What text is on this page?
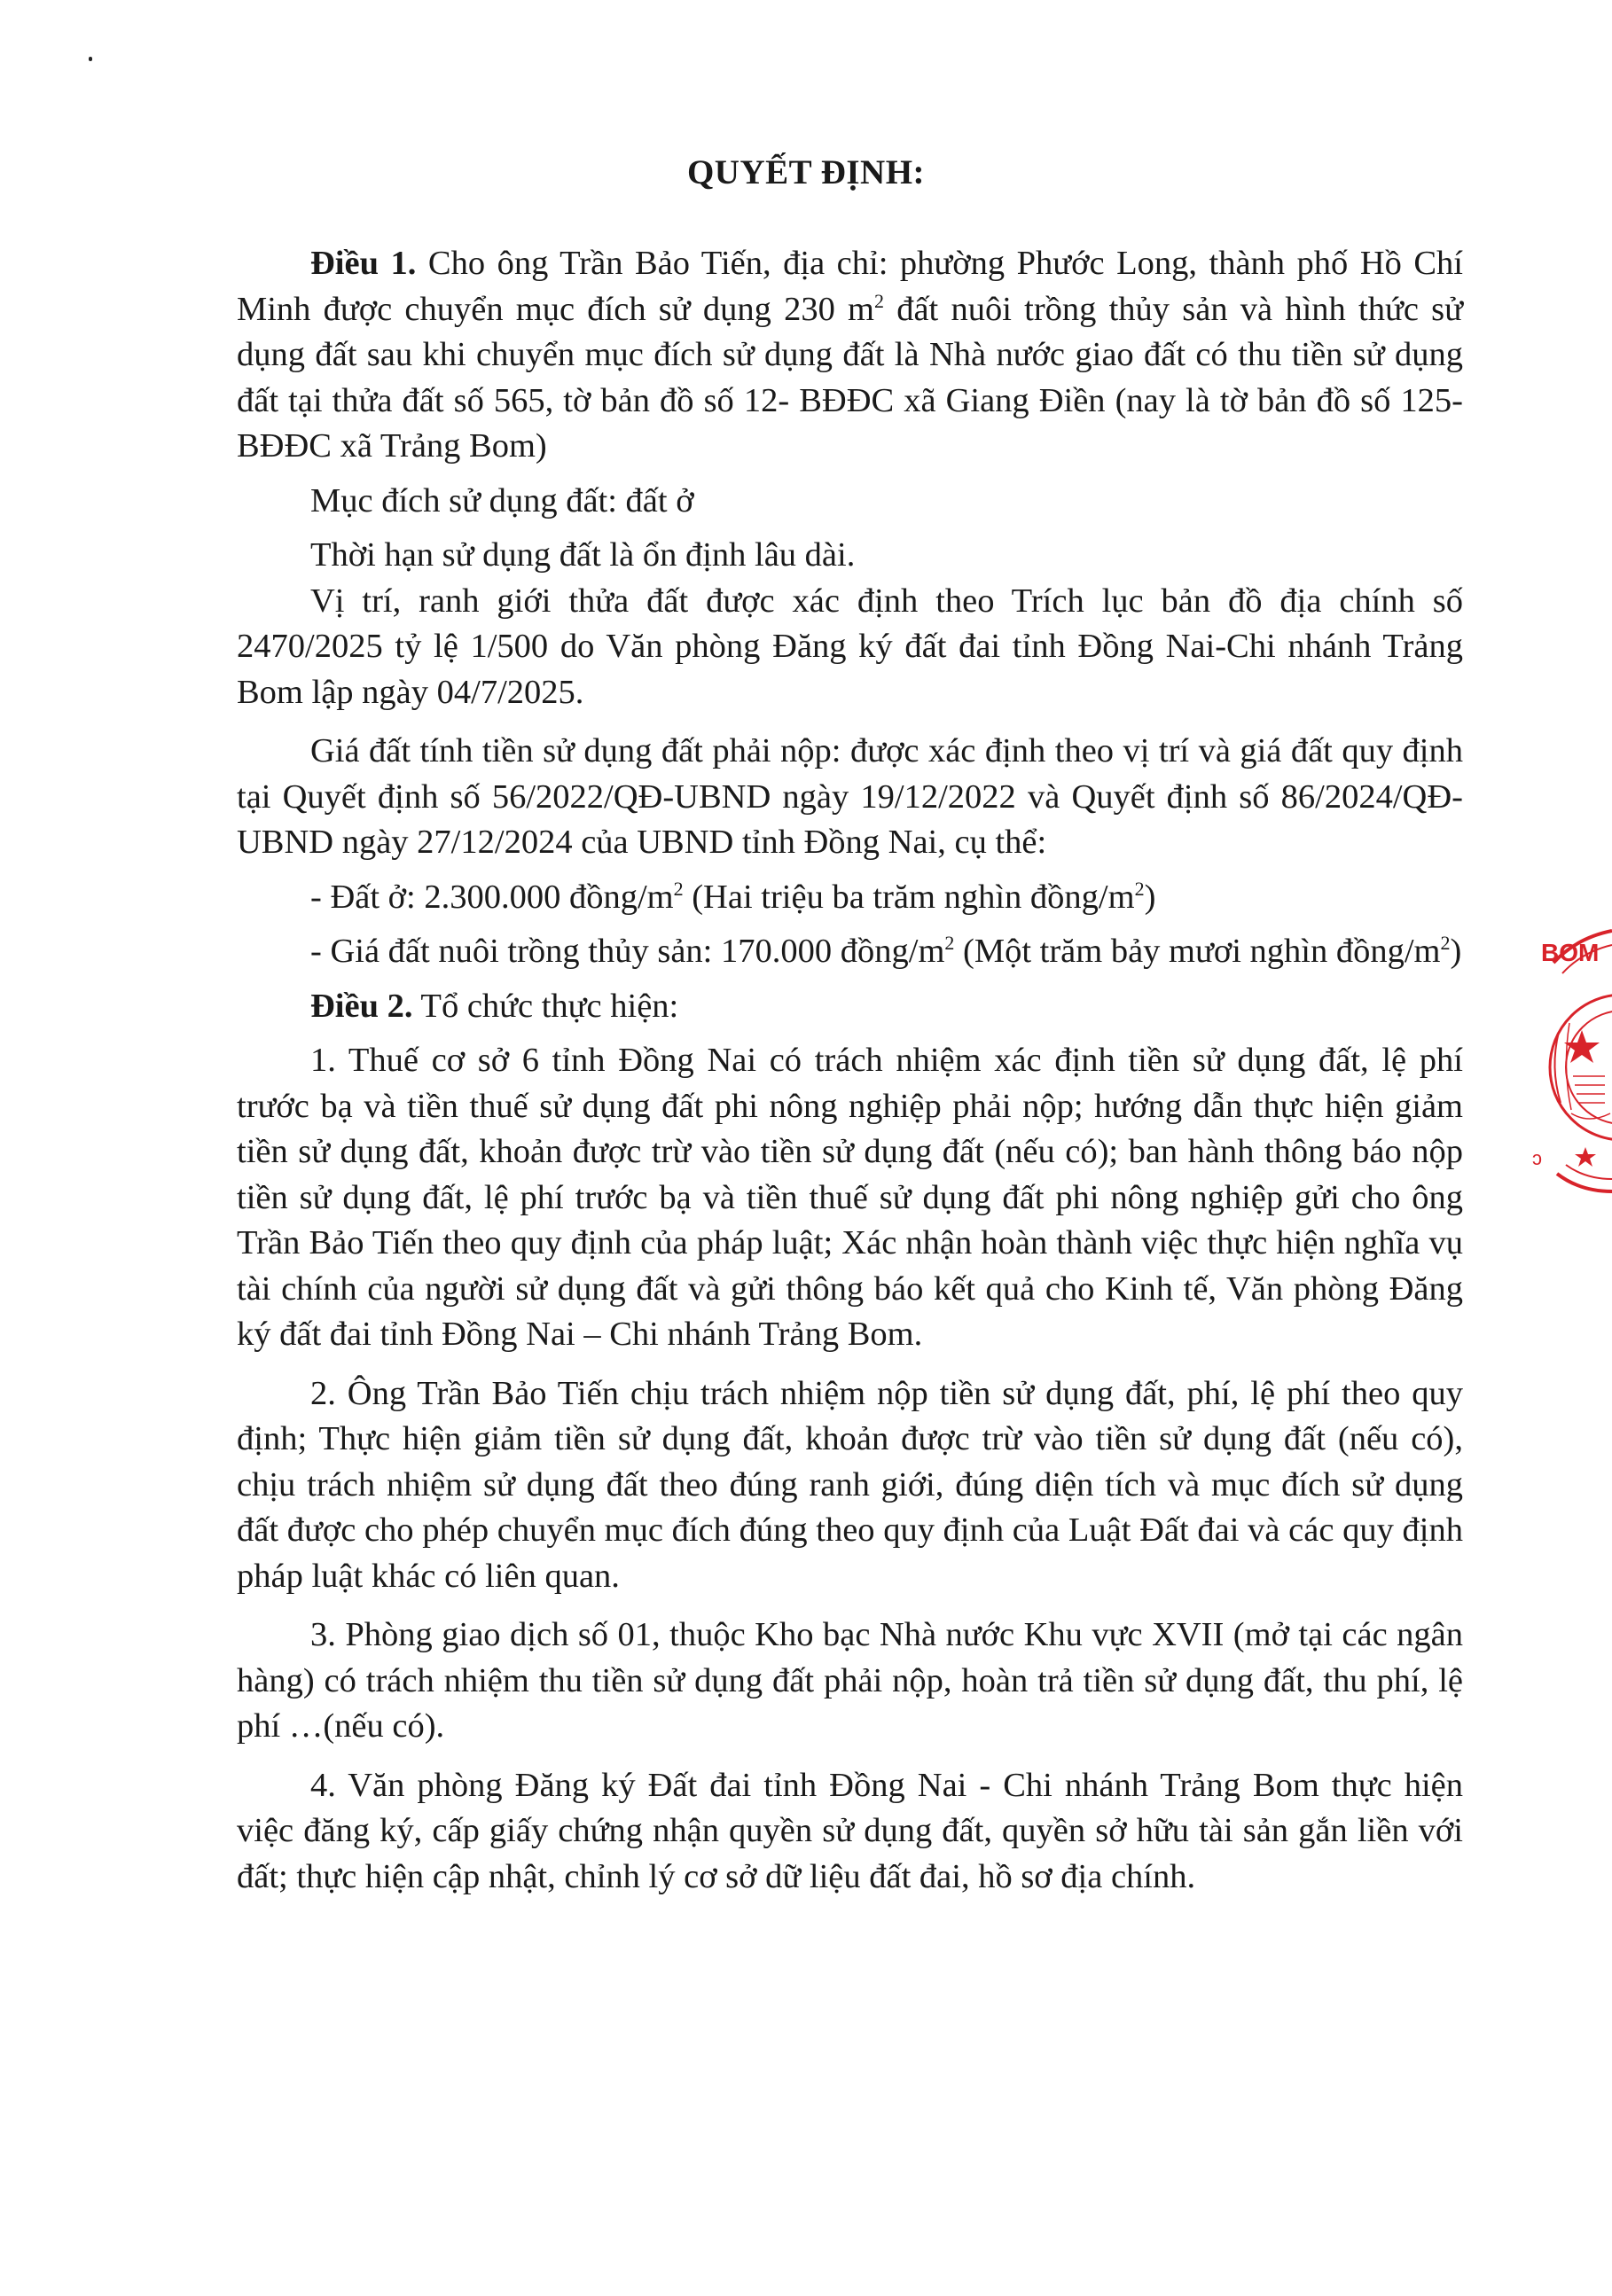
QUYẾT ĐỊNH:

Điều 1. Cho ông Trần Bảo Tiến, địa chỉ: phường Phước Long, thành phố Hồ Chí Minh được chuyển mục đích sử dụng 230 $m^2$ đất nuôi trồng thủy sản và hình thức sử dụng đất sau khi chuyển mục đích sử dụng đất là Nhà nước giao đất có thu tiền sử dụng đất tại thửa đất số 565, tờ bản đồ số 12- BĐĐC xã Giang Điền (nay là tờ bản đồ số 125-BĐĐC xã Trảng Bom)

Mục đích sử dụng đất: đất ở

Thời hạn sử dụng đất là ổn định lâu dài.

Vị trí, ranh giới thửa đất được xác định theo Trích lục bản đồ địa chính số 2470/2025 tỷ lệ 1/500 do Văn phòng Đăng ký đất đai tỉnh Đồng Nai-Chi nhánh Trảng Bom lập ngày 04/7/2025.

Giá đất tính tiền sử dụng đất phải nộp: được xác định theo vị trí và giá đất quy định tại Quyết định số 56/2022/QĐ-UBND ngày 19/12/2022 và Quyết định số 86/2024/QĐ-UBND ngày 27/12/2024 của UBND tỉnh Đồng Nai, cụ thể:

- Đất ở: 2.300.000 đồng/$m^2$ (Hai triệu ba trăm nghìn đồng/$m^2$)

- Giá đất nuôi trồng thủy sản: 170.000 đồng/$m^2$ (Một trăm bảy mươi nghìn đồng/$m^2$)

Điều 2. Tổ chức thực hiện:

1. Thuế cơ sở 6 tỉnh Đồng Nai có trách nhiệm xác định tiền sử dụng đất, lệ phí trước bạ và tiền thuế sử dụng đất phi nông nghiệp phải nộp; hướng dẫn thực hiện giảm tiền sử dụng đất, khoản được trừ vào tiền sử dụng đất (nếu có); ban hành thông báo nộp tiền sử dụng đất, lệ phí trước bạ và tiền thuế sử dụng đất phi nông nghiệp gửi cho ông Trần Bảo Tiến theo quy định của pháp luật; Xác nhận hoàn thành việc thực hiện nghĩa vụ tài chính của người sử dụng đất và gửi thông báo kết quả cho Kinh tế, Văn phòng Đăng ký đất đai tỉnh Đồng Nai – Chi nhánh Trảng Bom.

2. Ông Trần Bảo Tiến chịu trách nhiệm nộp tiền sử dụng đất, phí, lệ phí theo quy định; Thực hiện giảm tiền sử dụng đất, khoản được trừ vào tiền sử dụng đất (nếu có), chịu trách nhiệm sử dụng đất theo đúng ranh giới, đúng diện tích và mục đích sử dụng đất được cho phép chuyển mục đích đúng theo quy định của Luật Đất đai và các quy định pháp luật khác có liên quan.

3. Phòng giao dịch số 01, thuộc Kho bạc Nhà nước Khu vực XVII (mở tại các ngân hàng) có trách nhiệm thu tiền sử dụng đất phải nộp, hoàn trả tiền sử dụng đất, thu phí, lệ phí …(nếu có).

4. Văn phòng Đăng ký Đất đai tỉnh Đồng Nai - Chi nhánh Trảng Bom thực hiện việc đăng ký, cấp giấy chứng nhận quyền sử dụng đất, quyền sở hữu tài sản gắn liền với đất; thực hiện cập nhật, chỉnh lý cơ sở dữ liệu đất đai, hồ sơ địa chính.

BOM
ɔ
